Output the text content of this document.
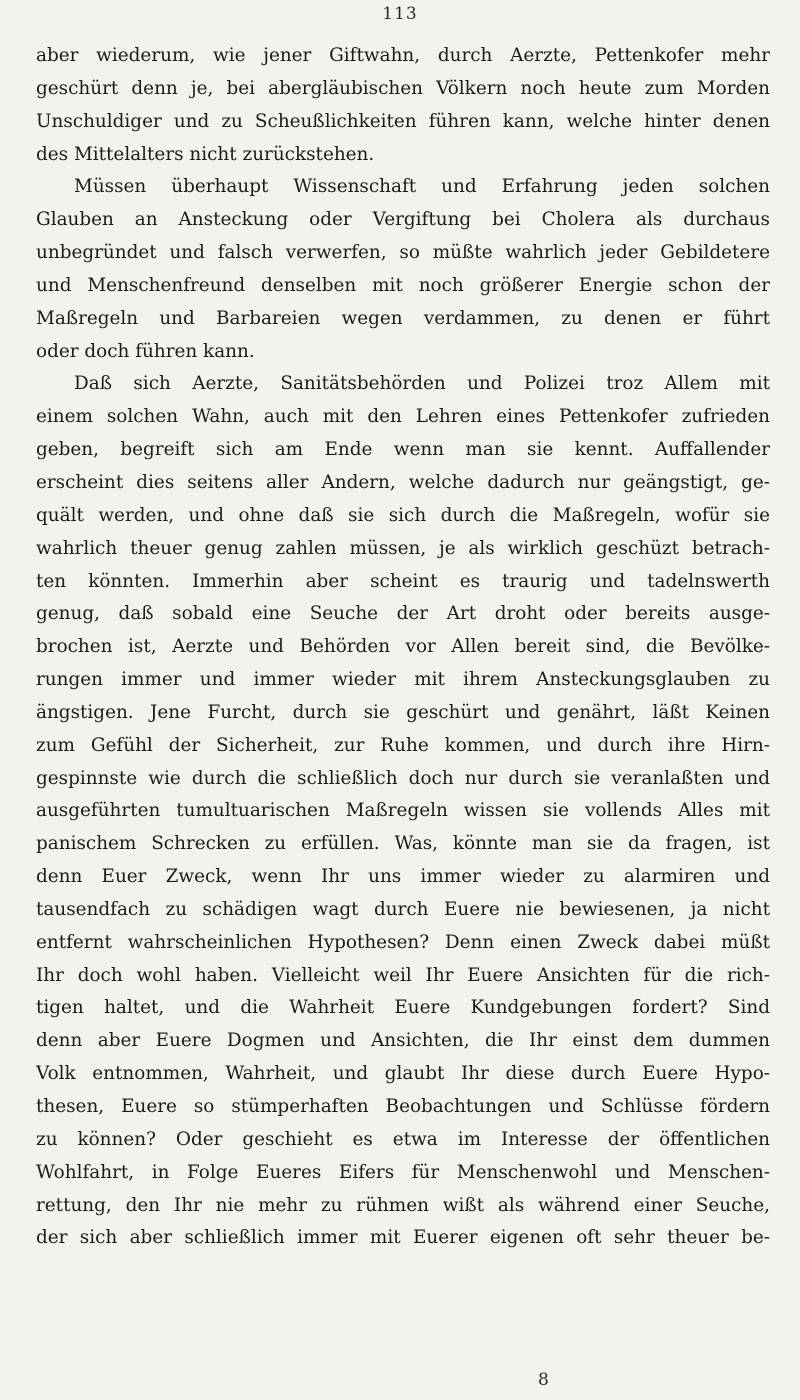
113
aber wiederum, wie jener Giftwahn, durch Aerzte, Pettenkofer mehr
geschürt denn je, bei abergläubischen Völkern noch heute zum Morden
Unschuldiger und zu Scheußlichkeiten führen kann, welche hinter denen
des Mittelalters nicht zurückstehen.
Müssen überhaupt Wissenschaft und Erfahrung jeden solchen
Glauben an Ansteckung oder Vergiftung bei Cholera als durchaus
unbegründet und falsch verwerfen, so müßte wahrlich jeder Gebildetere
und Menschenfreund denselben mit noch größerer Energie schon der
Maßregeln und Barbareien wegen verdammen, zu denen er führt
oder doch führen kann.
Daß sich Aerzte, Sanitätsbehörden und Polizei troz Allem mit
einem solchen Wahn, auch mit den Lehren eines Pettenkofer zufrieden
geben, begreift sich am Ende wenn man sie kennt. Auffallender
erscheint dies seitens aller Andern, welche dadurch nur geängstigt, ge-
quält werden, und ohne daß sie sich durch die Maßregeln, wofür sie
wahrlich theuer genug zahlen müssen, je als wirklich geschüzt betrach-
ten könnten. Immerhin aber scheint es traurig und tadelnswerth
genug, daß sobald eine Seuche der Art droht oder bereits ausge-
brochen ist, Aerzte und Behörden vor Allen bereit sind, die Bevölke-
rungen immer und immer wieder mit ihrem Ansteckungsglauben zu
ängstigen. Jene Furcht, durch sie geschürt und genährt, läßt Keinen
zum Gefühl der Sicherheit, zur Ruhe kommen, und durch ihre Hirn-
gespinnste wie durch die schließlich doch nur durch sie veranlaßten und
ausgeführten tumultuarischen Maßregeln wissen sie vollends Alles mit
panischem Schrecken zu erfüllen. Was, könnte man sie da fragen, ist
denn Euer Zweck, wenn Ihr uns immer wieder zu alarmiren und
tausendfach zu schädigen wagt durch Euere nie bewiesenen, ja nicht
entfernt wahrscheinlichen Hypothesen? Denn einen Zweck dabei müßt
Ihr doch wohl haben. Vielleicht weil Ihr Euere Ansichten für die rich-
tigen haltet, und die Wahrheit Euere Kundgebungen fordert? Sind
denn aber Euere Dogmen und Ansichten, die Ihr einst dem dummen
Volk entnommen, Wahrheit, und glaubt Ihr diese durch Euere Hypo-
thesen, Euere so stümperhaften Beobachtungen und Schlüsse fördern
zu können? Oder geschieht es etwa im Interesse der öffentlichen
Wohlfahrt, in Folge Eueres Eifers für Menschenwohl und Menschen-
rettung, den Ihr nie mehr zu rühmen wißt als während einer Seuche,
der sich aber schließlich immer mit Euerer eigenen oft sehr theuer be-
8
